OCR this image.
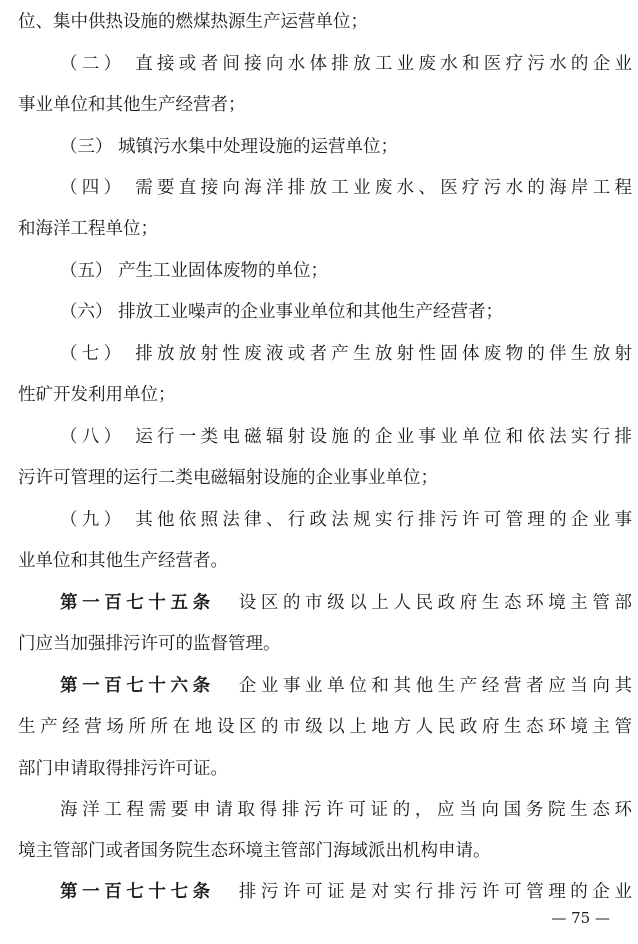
位、集中供热设施的燃煤热源生产运营单位；
（二） 直接或者间接向水体排放工业废水和医疗污水的企业
事业单位和其他生产经营者；
（三） 城镇污水集中处理设施的运营单位；
（四） 需要直接向海洋排放工业废水、医疗污水的海岸工程
和海洋工程单位；
（五） 产生工业固体废物的单位；
（六） 排放工业噪声的企业事业单位和其他生产经营者；
（七） 排放放射性废液或者产生放射性固体废物的伴生放射
性矿开发利用单位；
（八） 运行一类电磁辐射设施的企业事业单位和依法实行排
污许可管理的运行二类电磁辐射设施的企业事业单位；
（九） 其他依照法律、行政法规实行排污许可管理的企业事
业单位和其他生产经营者。
第一百七十五条 设区的市级以上人民政府生态环境主管部
门应当加强排污许可的监督管理。
第一百七十六条 企业事业单位和其他生产经营者应当向其
生产经营场所所在地设区的市级以上地方人民政府生态环境主管
部门申请取得排污许可证。
海洋工程需要申请取得排污许可证的，应当向国务院生态环
境主管部门或者国务院生态环境主管部门海域派出机构申请。
第一百七十七条 排污许可证是对实行排污许可管理的企业
— 75 —
